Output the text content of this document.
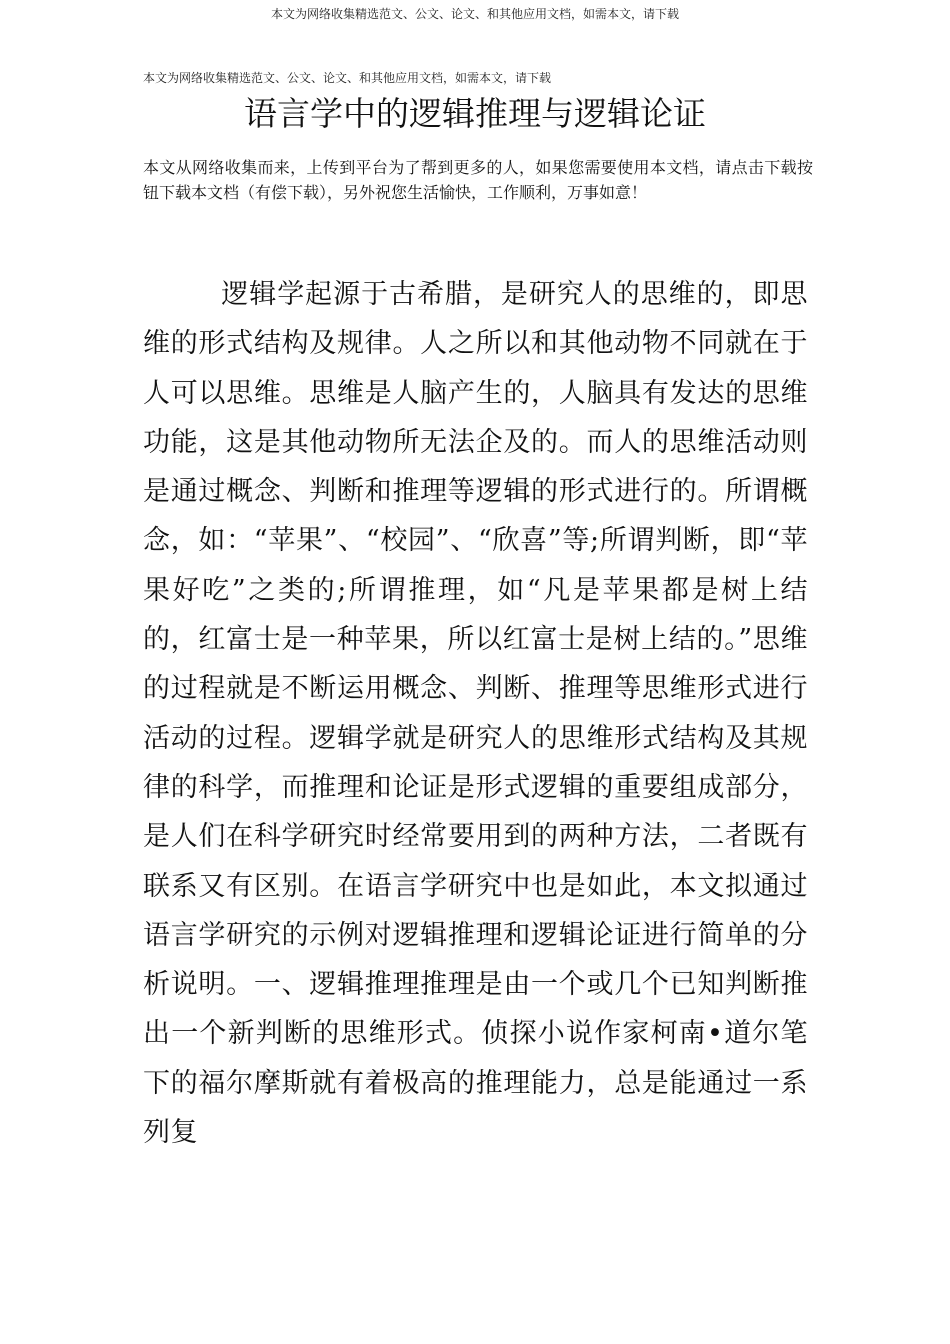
本文为网络收集精选范文、公文、论文、和其他应用文档，如需本文，请下载
本文为网络收集精选范文、公文、论文、和其他应用文档，如需本文，请下载
语言学中的逻辑推理与逻辑论证

本文从网络收集而来，上传到平台为了帮到更多的人，如果您需要使用本文档，请点击下载按钮下载本文档（有偿下载），另外祝您生活愉快，工作顺利，万事如意！

逻辑学起源于古希腊，是研究人的思维的，即思维的形式结构及规律。人之所以和其他动物不同就在于人可以思维。思维是人脑产生的，人脑具有发达的思维功能，这是其他动物所无法企及的。而人的思维活动则是通过概念、判断和推理等逻辑的形式进行的。所谓概念，如：“苹果”、“校园”、“欣喜”等;所谓判断，即“苹果好吃”之类的;所谓推理，如“凡是苹果都是树上结的，红富士是一种苹果，所以红富士是树上结的。”思维的过程就是不断运用概念、判断、推理等思维形式进行活动的过程。逻辑学就是研究人的思维形式结构及其规律的科学，而推理和论证是形式逻辑的重要组成部分，是人们在科学研究时经常要用到的两种方法，二者既有联系又有区别。在语言学研究中也是如此，本文拟通过语言学研究的示例对逻辑推理和逻辑论证进行简单的分析说明。一、逻辑推理推理是由一个或几个已知判断推出一个新判断的思维形式。侦探小说作家柯南•道尔笔下的福尔摩斯就有着极高的推理能力，总是能通过一系列复
